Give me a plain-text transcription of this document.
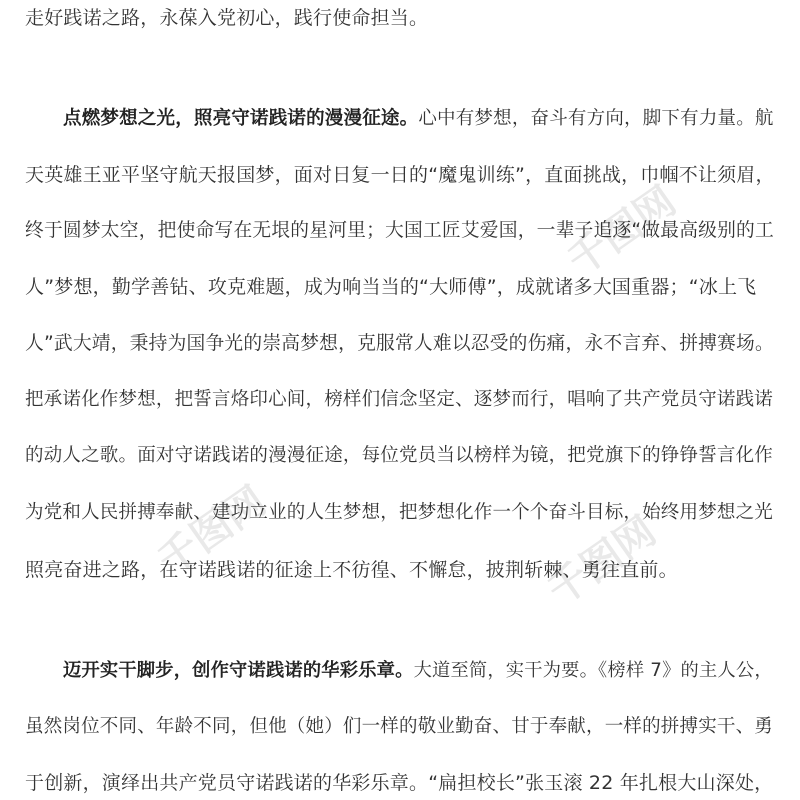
千图网	千图网
千图网
走好践诺之路，永葆入党初心，践行使命担当。
点燃梦想之光，照亮守诺践诺的漫漫征途。心中有梦想，奋斗有方向，脚下有力量。航
天英雄王亚平坚守航天报国梦，面对日复一日的“魔鬼训练”，直面挑战，巾帼不让须眉，
终于圆梦太空，把使命写在无垠的星河里；大国工匠艾爱国，一辈子追逐“做最高级别的工
人”梦想，勤学善钻、攻克难题，成为响当当的“大师傅”，成就诸多大国重器；“冰上飞
人”武大靖，秉持为国争光的崇高梦想，克服常人难以忍受的伤痛，永不言弃、拼搏赛场。
把承诺化作梦想，把誓言烙印心间，榜样们信念坚定、逐梦而行，唱响了共产党员守诺践诺
的动人之歌。面对守诺践诺的漫漫征途，每位党员当以榜样为镜，把党旗下的铮铮誓言化作
为党和人民拼搏奉献、建功立业的人生梦想，把梦想化作一个个奋斗目标，始终用梦想之光
照亮奋进之路，在守诺践诺的征途上不彷徨、不懈怠，披荆斩棘、勇往直前。
迈开实干脚步，创作守诺践诺的华彩乐章。大道至简，实干为要。《榜样 7》的主人公，
虽然岗位不同、年龄不同，但他（她）们一样的敬业勤奋、甘于奉献，一样的拼搏实干、勇
于创新，演绎出共产党员守诺践诺的华彩乐章。“扁担校长”张玉滚 22 年扎根大山深处，
